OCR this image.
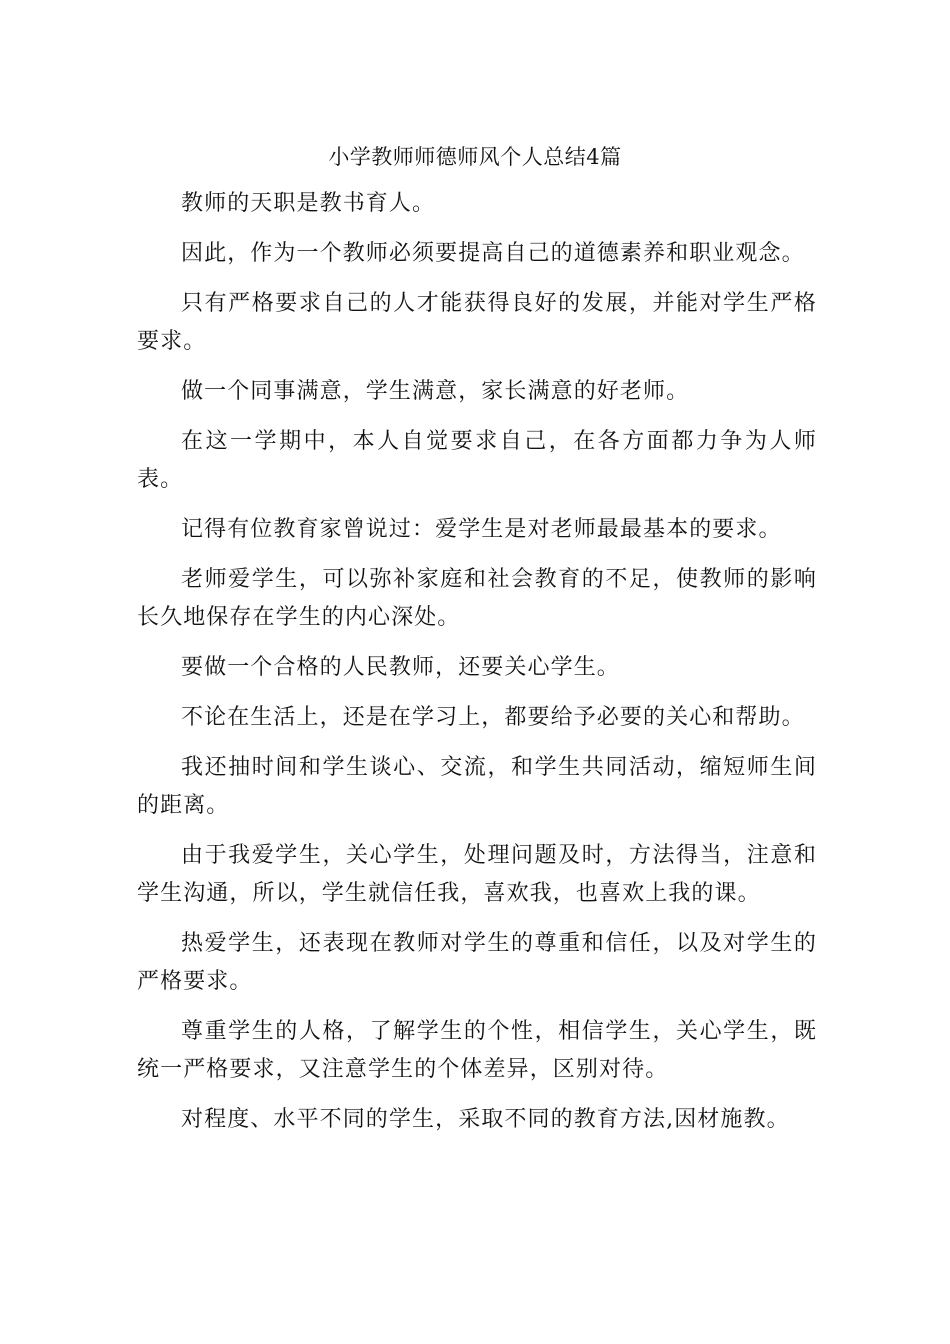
小学教师师德师风个人总结4篇

教师的天职是教书育人。

因此，作为一个教师必须要提高自己的道德素养和职业观念。

只有严格要求自己的人才能获得良好的发展，并能对学生严格要求。

做一个同事满意，学生满意，家长满意的好老师。

在这一学期中，本人自觉要求自己，在各方面都力争为人师表。

记得有位教育家曾说过：爱学生是对老师最最基本的要求。

老师爱学生，可以弥补家庭和社会教育的不足，使教师的影响长久地保存在学生的内心深处。

要做一个合格的人民教师，还要关心学生。

不论在生活上，还是在学习上，都要给予必要的关心和帮助。

我还抽时间和学生谈心、交流，和学生共同活动，缩短师生间的距离。

由于我爱学生，关心学生，处理问题及时，方法得当，注意和学生沟通，所以，学生就信任我，喜欢我，也喜欢上我的课。

热爱学生，还表现在教师对学生的尊重和信任，以及对学生的严格要求。

尊重学生的人格，了解学生的个性，相信学生，关心学生，既统一严格要求，又注意学生的个体差异，区别对待。

对程度、水平不同的学生，采取不同的教育方法,因材施教。
